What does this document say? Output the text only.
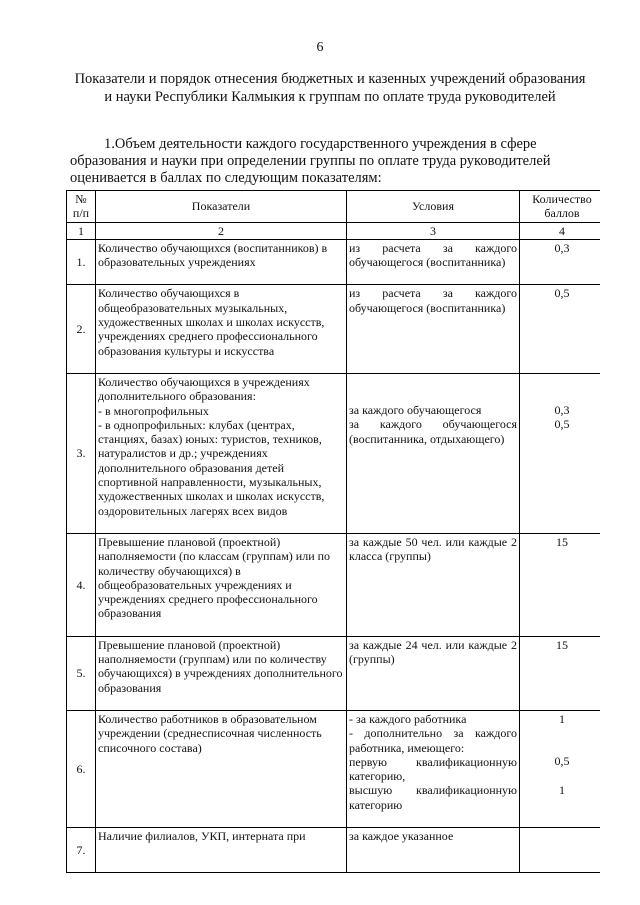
6
Показатели и порядок отнесения бюджетных и казенных учреждений образования и науки Республики Калмыкия к группам по оплате труда руководителей
1.Объем деятельности каждого государственного учреждения в сфере
образования и науки при определении группы по оплате труда руководителей
оценивается в баллах по следующим показателям:
№ п/п	Показатели	Условия	Количество баллов
1	2	3	4
1.	Количество обучающихся (воспитанников) в образовательных учреждениях	из расчета за каждого обучающегося (воспитанника)	0,3

2.	Количество обучающихся в общеобразовательных музыкальных, художественных школах и школах искусств, учреждениях среднего профессионального образования культуры и искусства	из расчета за каждого обучающегося (воспитанника)	0,5

3.	Количество обучающихся в учреждениях дополнительного образования:
- в многопрофильных
- в однопрофильных: клубах (центрах, станциях, базах) юных: туристов, техников, натуралистов и др.; учреждениях дополнительного образования детей спортивной направленности, музыкальных, художественных школах и школах искусств, оздоровительных лагерях всех видов	за каждого обучающегося
за каждого обучающегося (воспитанника, отдыхающего)	0,3
0,5

4.	Превышение плановой (проектной) наполняемости (по классам (группам) или по количеству обучающихся) в общеобразовательных учреждениях и учреждениях среднего профессионального образования	за каждые 50 чел. или каждые 2 класса (группы)	15

5.	Превышение плановой (проектной) наполняемости (группам) или по количеству обучающихся) в учреждениях дополнительного образования	за каждые 24 чел. или каждые 2 (группы)	15

6.	Количество работников в образовательном учреждении (среднесписочная численность списочного состава)	- за каждого работника
- дополнительно за каждого работника, имеющего:
первую квалификационную категорию,
высшую квалификационную категорию	1
0,5
1

7.	Наличие филиалов, УКП, интерната при	за каждое указанное	
